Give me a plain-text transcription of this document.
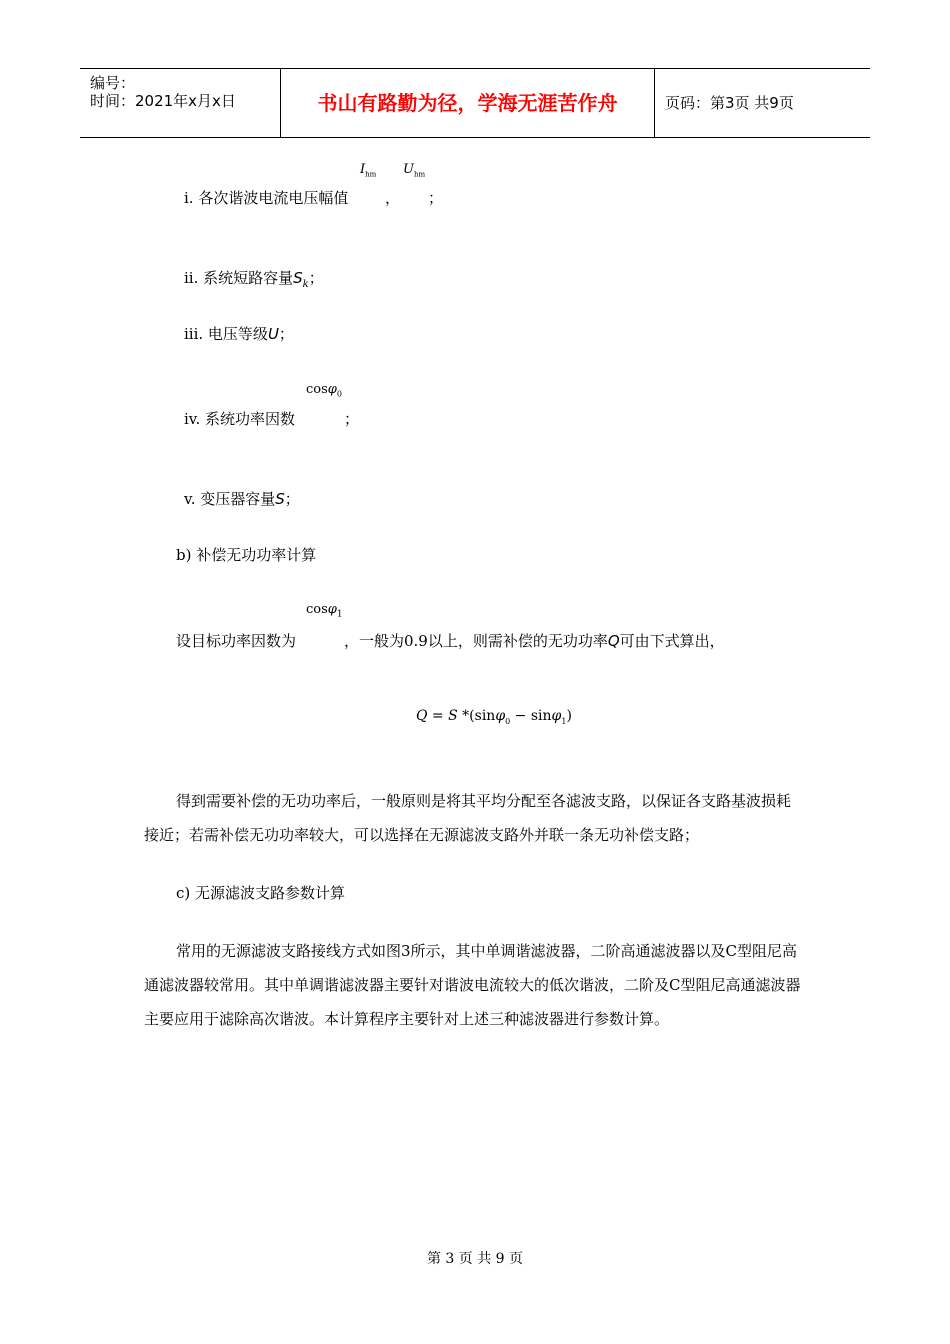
编号：
时间：2021年x月x日	书山有路勤为径，学海无涯苦作舟	页码：第3页 共9页
$I_{hm}$ $U_{hm}$
i. 各次谐波电流电压幅值 ， ；
ii. 系统短路容量$S_k$；
iii. 电压等级U；
cosφ$_0$
iv. 系统功率因数	；
v. 变压器容量S；
b) 补偿无功功率计算
cosφ$_1$
设目标功率因数为	，一般为0.9以上，则需补偿的无功功率Q可由下式算出，
Q = S *(sinφ$_0$ − sinφ$_1$)
得到需要补偿的无功功率后，一般原则是将其平均分配至各滤波支路，以保证各支路基波损耗接近；若需补偿无功功率较大，可以选择在无源滤波支路外并联一条无功补偿支路；
c) 无源滤波支路参数计算
常用的无源滤波支路接线方式如图3所示，其中单调谐滤波器，二阶高通滤波器以及C型阻尼高通滤波器较常用。其中单调谐滤波器主要针对谐波电流较大的低次谐波，二阶及C型阻尼高通滤波器主要应用于滤除高次谐波。本计算程序主要针对上述三种滤波器进行参数计算。
第 3 页 共 9 页
